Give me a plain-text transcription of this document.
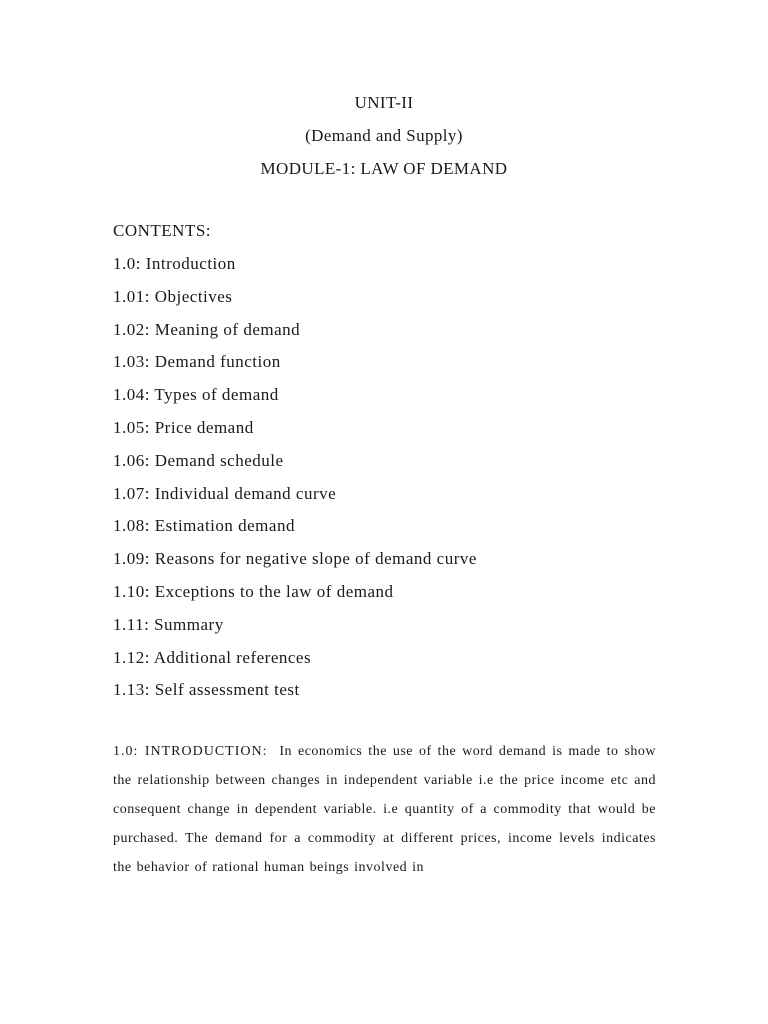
UNIT-II
(Demand and Supply)
MODULE-1: LAW OF DEMAND
CONTENTS:
1.0: Introduction
1.01: Objectives
1.02: Meaning of demand
1.03: Demand function
1.04: Types of demand
1.05: Price demand
1.06: Demand schedule
1.07: Individual demand curve
1.08: Estimation demand
1.09: Reasons for negative slope of demand curve
1.10: Exceptions to the law of demand
1.11: Summary
1.12: Additional references
1.13: Self assessment test

1.0: INTRODUCTION: In economics the use of the word demand is made to show the relationship between changes in independent variable i.e the price income etc and consequent change in dependent variable. i.e quantity of a commodity that would be purchased. The demand for a commodity at different prices, income levels indicates the behavior of rational human beings involved in
